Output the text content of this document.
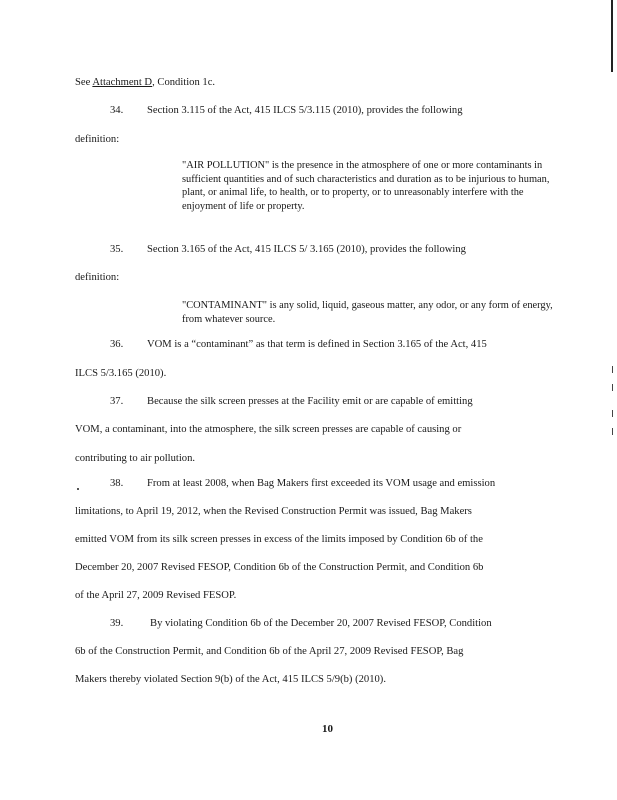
See Attachment D, Condition 1c.
34. Section 3.115 of the Act, 415 ILCS 5/3.115 (2010), provides the following
definition:
"AIR POLLUTION" is the presence in the atmosphere of one or more contaminants in sufficient quantities and of such characteristics and duration as to be injurious to human, plant, or animal life, to health, or to property, or to unreasonably interfere with the enjoyment of life or property.
35. Section 3.165 of the Act, 415 ILCS 5/ 3.165 (2010), provides the following
definition:
"CONTAMINANT" is any solid, liquid, gaseous matter, any odor, or any form of energy, from whatever source.
36. VOM is a “contaminant” as that term is defined in Section 3.165 of the Act, 415
ILCS 5/3.165 (2010).
37. Because the silk screen presses at the Facility emit or are capable of emitting
VOM, a contaminant, into the atmosphere, the silk screen presses are capable of causing or
contributing to air pollution.
38. From at least 2008, when Bag Makers first exceeded its VOM usage and emission
limitations, to April 19, 2012, when the Revised Construction Permit was issued, Bag Makers
emitted VOM from its silk screen presses in excess of the limits imposed by Condition 6b of the
December 20, 2007 Revised FESOP, Condition 6b of the Construction Permit, and Condition 6b
of the April 27, 2009 Revised FESOP.
39.	By violating Condition 6b of the December 20, 2007 Revised FESOP, Condition
6b of the Construction Permit, and Condition 6b of the April 27, 2009 Revised FESOP, Bag
Makers thereby violated Section 9(b) of the Act, 415 ILCS 5/9(b) (2010).
10
